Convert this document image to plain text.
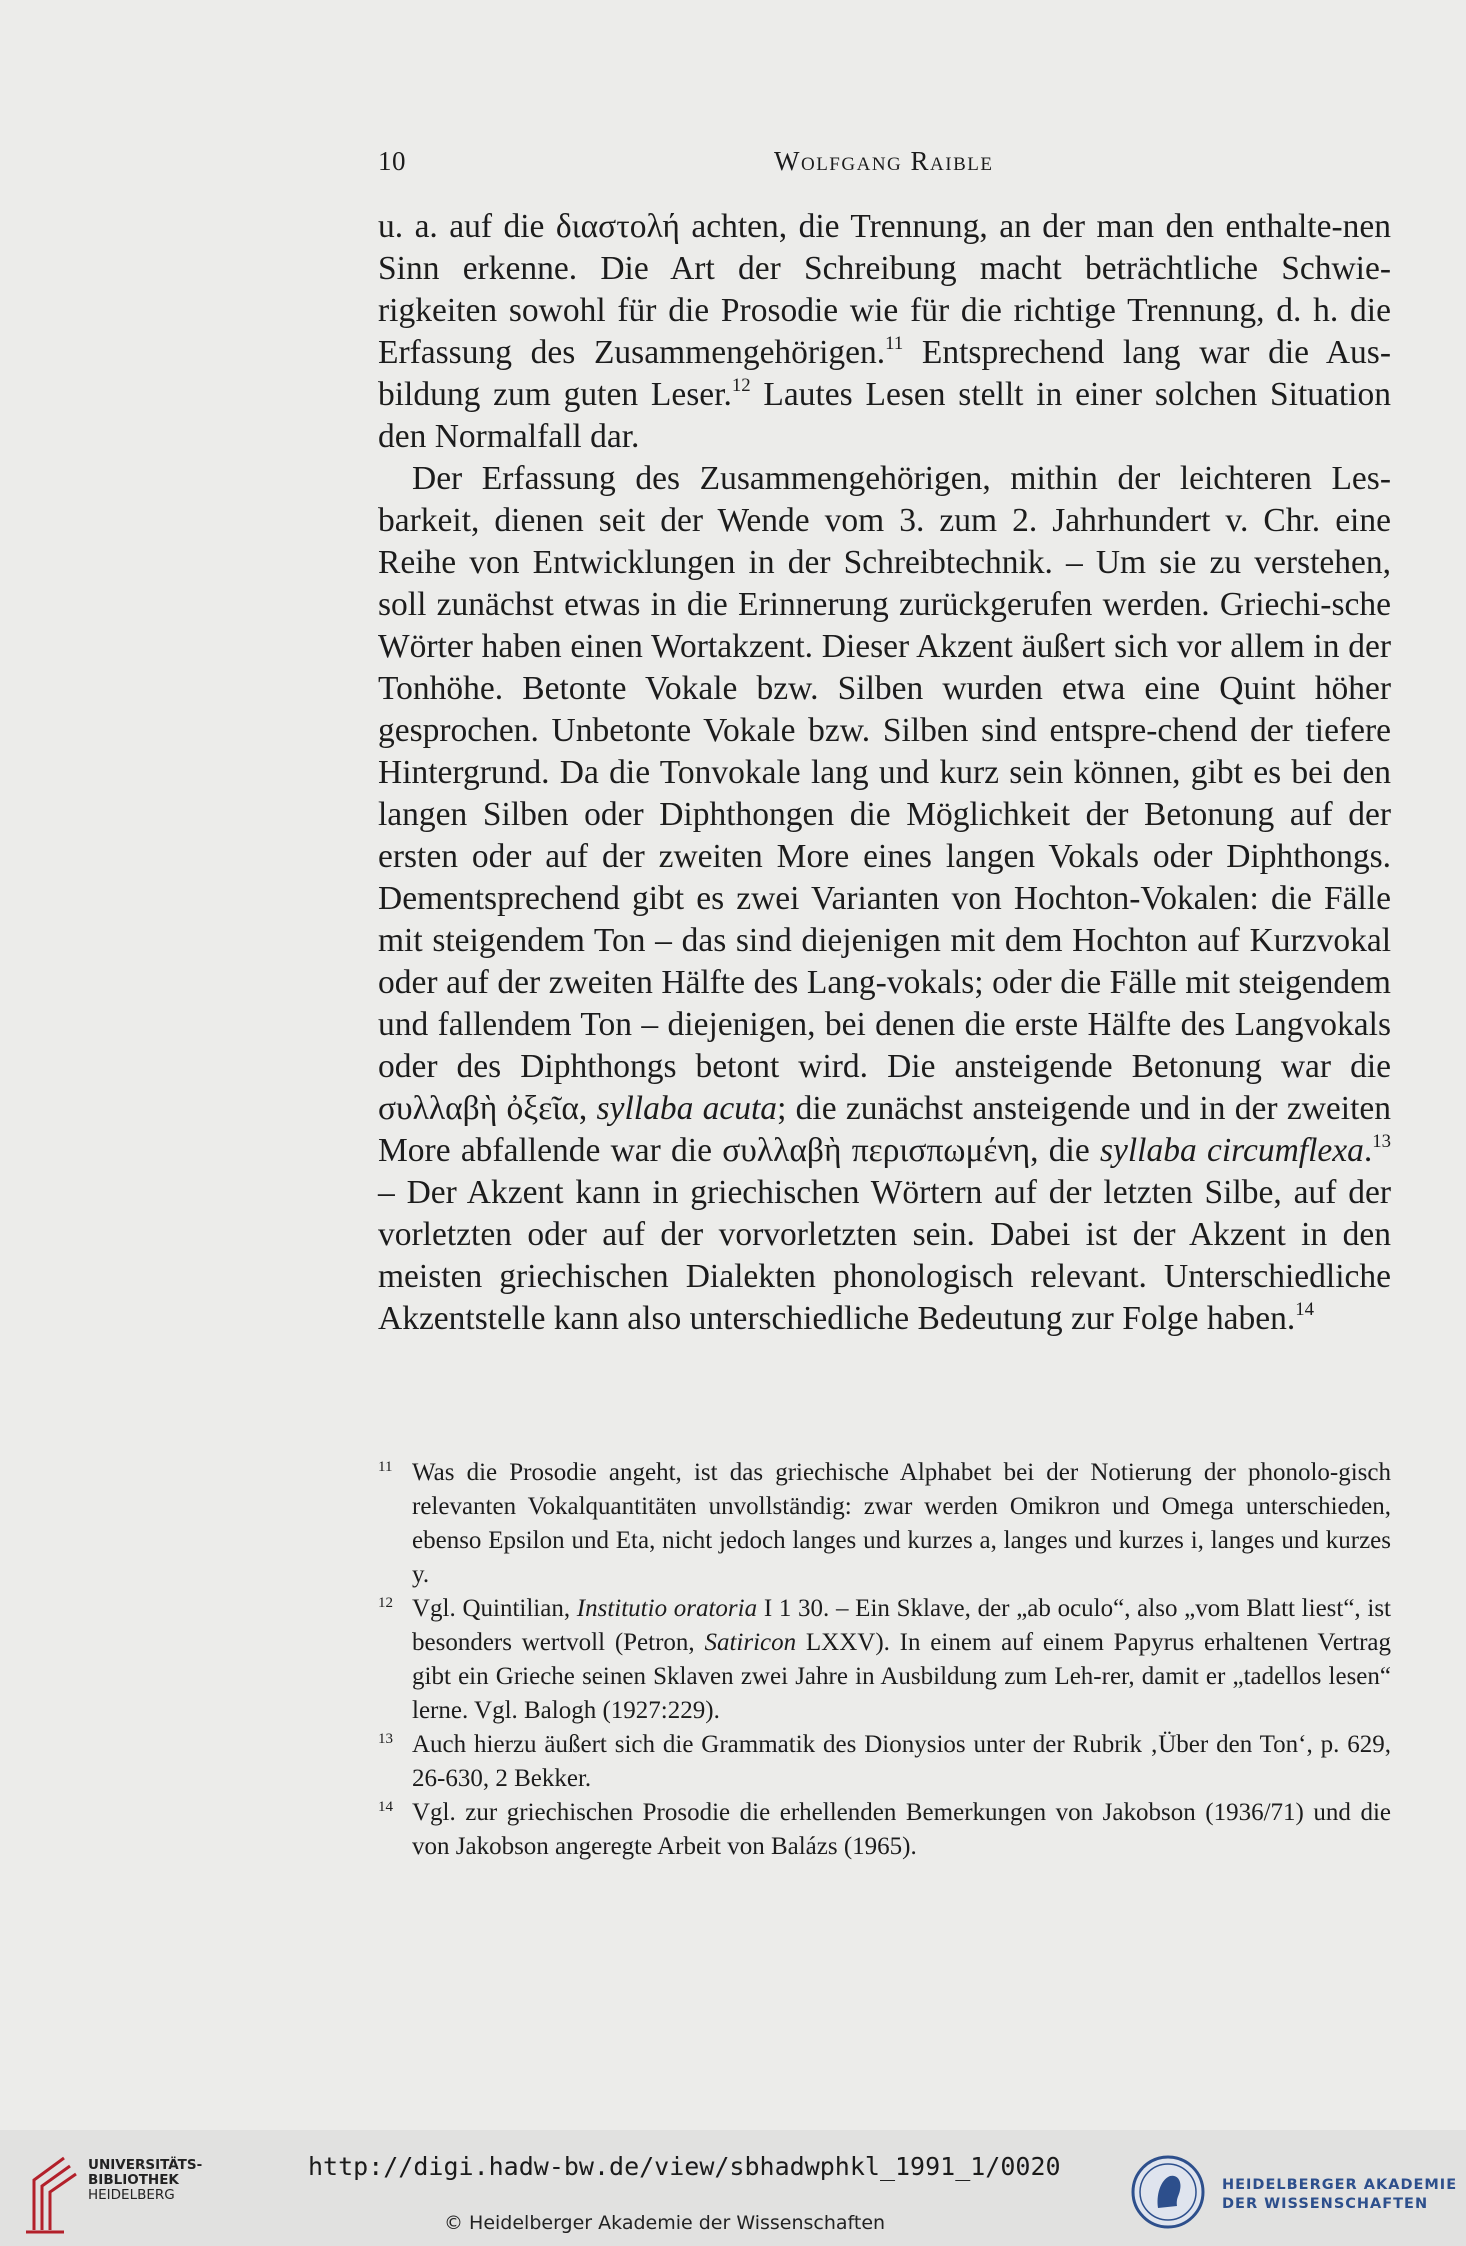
10	Wolfgang Raible

u. a. auf die διαστολή achten, die Trennung, an der man den enthalte-nen Sinn erkenne. Die Art der Schreibung macht beträchtliche Schwie-rigkeiten sowohl für die Prosodie wie für die richtige Trennung, d. h. die Erfassung des Zusammengehörigen.$^{11}$ Entsprechend lang war die Aus-bildung zum guten Leser.$^{12}$ Lautes Lesen stellt in einer solchen Situation den Normalfall dar.

Der Erfassung des Zusammengehörigen, mithin der leichteren Les-barkeit, dienen seit der Wende vom 3. zum 2. Jahrhundert v. Chr. eine Reihe von Entwicklungen in der Schreibtechnik. – Um sie zu verstehen, soll zunächst etwas in die Erinnerung zurückgerufen werden. Griechi-sche Wörter haben einen Wortakzent. Dieser Akzent äußert sich vor allem in der Tonhöhe. Betonte Vokale bzw. Silben wurden etwa eine Quint höher gesprochen. Unbetonte Vokale bzw. Silben sind entspre-chend der tiefere Hintergrund. Da die Tonvokale lang und kurz sein können, gibt es bei den langen Silben oder Diphthongen die Möglichkeit der Betonung auf der ersten oder auf der zweiten More eines langen Vokals oder Diphthongs. Dementsprechend gibt es zwei Varianten von Hochton-Vokalen: die Fälle mit steigendem Ton – das sind diejenigen mit dem Hochton auf Kurzvokal oder auf der zweiten Hälfte des Lang-vokals; oder die Fälle mit steigendem und fallendem Ton – diejenigen, bei denen die erste Hälfte des Langvokals oder des Diphthongs betont wird. Die ansteigende Betonung war die συλλαβὴ ὀξεῖα, syllaba acuta; die zunächst ansteigende und in der zweiten More abfallende war die συλλαβὴ περισπωμένη, die syllaba circumflexa.$^{13}$ – Der Akzent kann in griechischen Wörtern auf der letzten Silbe, auf der vorletzten oder auf der vorvorletzten sein. Dabei ist der Akzent in den meisten griechischen Dialekten phonologisch relevant. Unterschiedliche Akzentstelle kann also unterschiedliche Bedeutung zur Folge haben.$^{14}$

11 Was die Prosodie angeht, ist das griechische Alphabet bei der Notierung der phonolo-gisch relevanten Vokalquantitäten unvollständig: zwar werden Omikron und Omega unterschieden, ebenso Epsilon und Eta, nicht jedoch langes und kurzes a, langes und kurzes i, langes und kurzes y.

12 Vgl. Quintilian, Institutio oratoria I 1 30. – Ein Sklave, der „ab oculo“, also „vom Blatt liest“, ist besonders wertvoll (Petron, Satiricon LXXV). In einem auf einem Papyrus erhaltenen Vertrag gibt ein Grieche seinen Sklaven zwei Jahre in Ausbildung zum Leh-rer, damit er „tadellos lesen“ lerne. Vgl. Balogh (1927:229).

13 Auch hierzu äußert sich die Grammatik des Dionysios unter der Rubrik ‚Über den Ton‘, p. 629, 26-630, 2 Bekker.

14 Vgl. zur griechischen Prosodie die erhellenden Bemerkungen von Jakobson (1936/71) und die von Jakobson angeregte Arbeit von Balázs (1965).

UNIVERSITÄTS-
BIBLIOTHEK
HEIDELBERG
http://digi.hadw-bw.de/view/sbhadwphkl_1991_1/0020
© Heidelberger Akademie der Wissenschaften
HEIDELBERGER AKADEMIE
DER WISSENSCHAFTEN
